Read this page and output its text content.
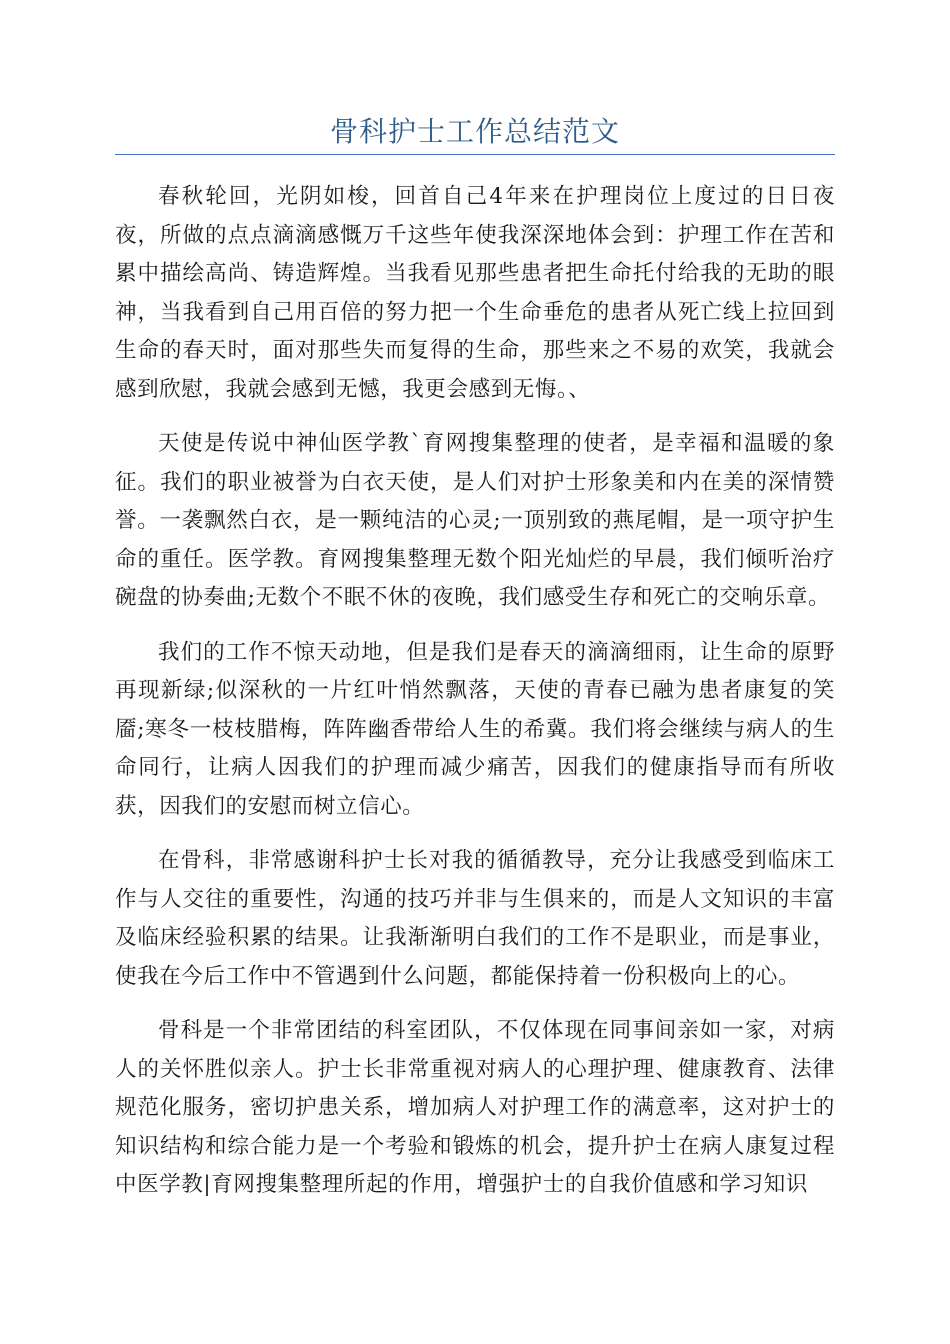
骨科护士工作总结范文

春秋轮回，光阴如梭，回首自己4年来在护理岗位上度过的日日夜夜，所做的点点滴滴感慨万千这些年使我深深地体会到：护理工作在苦和累中描绘高尚、铸造辉煌。当我看见那些患者把生命托付给我的无助的眼神，当我看到自己用百倍的努力把一个生命垂危的患者从死亡线上拉回到生命的春天时，面对那些失而复得的生命，那些来之不易的欢笑，我就会感到欣慰，我就会感到无憾，我更会感到无悔。、

天使是传说中神仙医学教`育网搜集整理的使者，是幸福和温暖的象征。我们的职业被誉为白衣天使，是人们对护士形象美和内在美的深情赞誉。一袭飘然白衣，是一颗纯洁的心灵;一顶别致的燕尾帽，是一项守护生命的重任。医学教。育网搜集整理无数个阳光灿烂的早晨，我们倾听治疗碗盘的协奏曲;无数个不眠不休的夜晚，我们感受生存和死亡的交响乐章。

我们的工作不惊天动地，但是我们是春天的滴滴细雨，让生命的原野再现新绿;似深秋的一片红叶悄然飘落，天使的青春已融为患者康复的笑靥;寒冬一枝枝腊梅，阵阵幽香带给人生的希冀。我们将会继续与病人的生命同行，让病人因我们的护理而减少痛苦，因我们的健康指导而有所收获，因我们的安慰而树立信心。

在骨科，非常感谢科护士长对我的循循教导，充分让我感受到临床工作与人交往的重要性，沟通的技巧并非与生俱来的，而是人文知识的丰富及临床经验积累的结果。让我渐渐明白我们的工作不是职业，而是事业，使我在今后工作中不管遇到什么问题，都能保持着一份积极向上的心。

骨科是一个非常团结的科室团队，不仅体现在同事间亲如一家，对病人的关怀胜似亲人。护士长非常重视对病人的心理护理、健康教育、法律规范化服务，密切护患关系，增加病人对护理工作的满意率，这对护士的知识结构和综合能力是一个考验和锻炼的机会，提升护士在病人康复过程中医学教|育网搜集整理所起的作用，增强护士的自我价值感和学习知识
